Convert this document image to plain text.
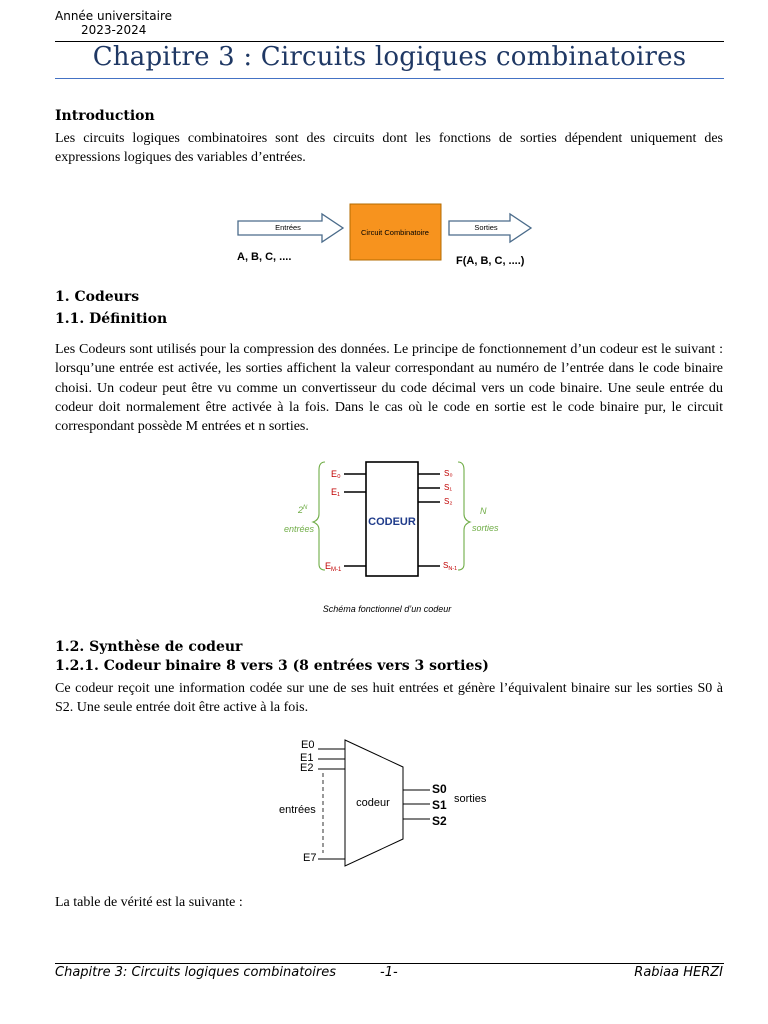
Année universitaire
2023-2024
Chapitre 3 : Circuits logiques combinatoires
Introduction
Les circuits logiques combinatoires sont des circuits dont les fonctions de sorties dépendent uniquement des expressions logiques des variables d’entrées.
Entrées
Circuit Combinatoire
Sorties
A, B, C, ....	F(A, B, C, ....)
1. Codeurs
1.1. Définition
Les Codeurs sont utilisés pour la compression des données. Le principe de fonctionnement d’un codeur est le suivant : lorsqu’une entrée est activée, les sorties affichent la valeur correspondant au numéro de l’entrée dans le code binaire choisi. Un codeur peut être vu comme un convertisseur du code décimal vers un code binaire. Une seule entrée du codeur doit normalement être activée à la fois. Dans le cas où le code en sortie est le code binaire pur, le circuit correspondant possède M entrées et n sorties.
CODEUR
E₀
E₁
$E_{M-1}$
S₀
S₁
S₂
$S_{N-1}$
$2^N$
entrées
N
sorties
Schéma fonctionnel d’un codeur
1.2. Synthèse de codeur
1.2.1. Codeur binaire 8 vers 3 (8 entrées vers 3 sorties)
Ce codeur reçoit une information codée sur une de ses huit entrées et génère l’équivalent binaire sur les sorties S0 à S2. Une seule entrée doit être active à la fois.
codeur
E0
E1
E2
E7
entrées
S0
S1
S2
sorties
La table de vérité est la suivante :
Chapitre 3: Circuits logiques combinatoires	-1-	Rabiaa HERZI
